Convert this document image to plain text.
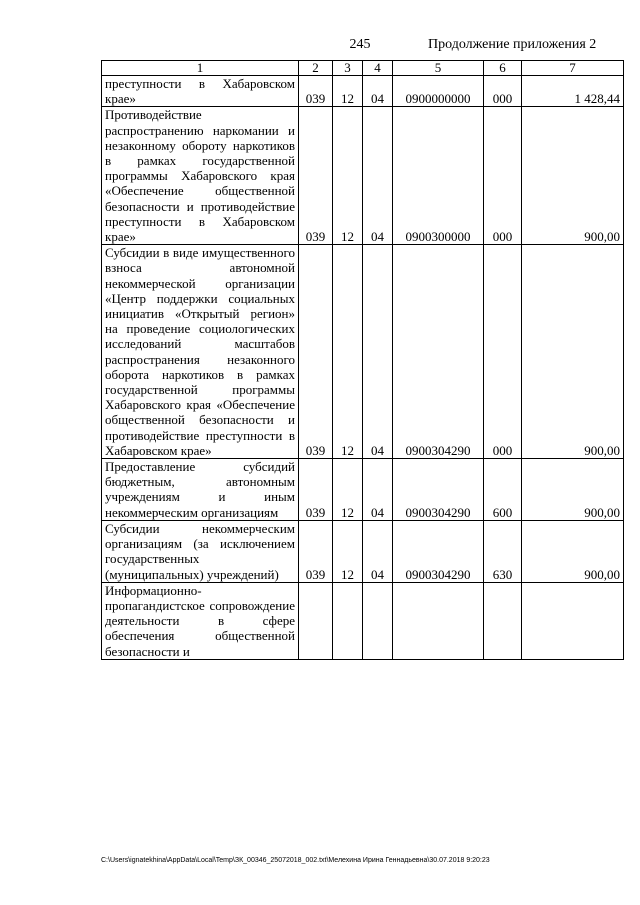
245	Продолжение приложения 2
1	2	3	4	5	6	7

преступности в Хабаровском крае»	039	12	04	0900000000	000	1 428,44

Противодействие распространению наркомании и незаконному обороту наркотиков в рамках государственной программы Хабаровского края «Обеспечение общественной безопасности и противодействие преступности в Хабаровском крае»	039	12	04	0900300000	000	900,00

Субсидии в виде имущественного взноса автономной некоммерческой организации «Центр поддержки социальных инициатив «Открытый регион» на проведение социологических исследований масштабов распространения незаконного оборота наркотиков в рамках государственной программы Хабаровского края «Обеспечение общественной безопасности и противодействие преступности в Хабаровском крае»	039	12	04	0900304290	000	900,00

Предоставление субсидий бюджетным, автономным учреждениям и иным некоммерческим организациям	039	12	04	0900304290	600	900,00

Субсидии некоммерческим организациям (за исключением государственных (муниципальных) учреждений)	039	12	04	0900304290	630	900,00

Информационно-пропагандистское сопровождение деятельности в сфере обеспечения общественной безопасности и						

C:\Users\ignatekhina\AppData\Local\Temp\ЗК_00346_25072018_002.txt\Мелехина Ирина Геннадьевна\30.07.2018 9:20:23
